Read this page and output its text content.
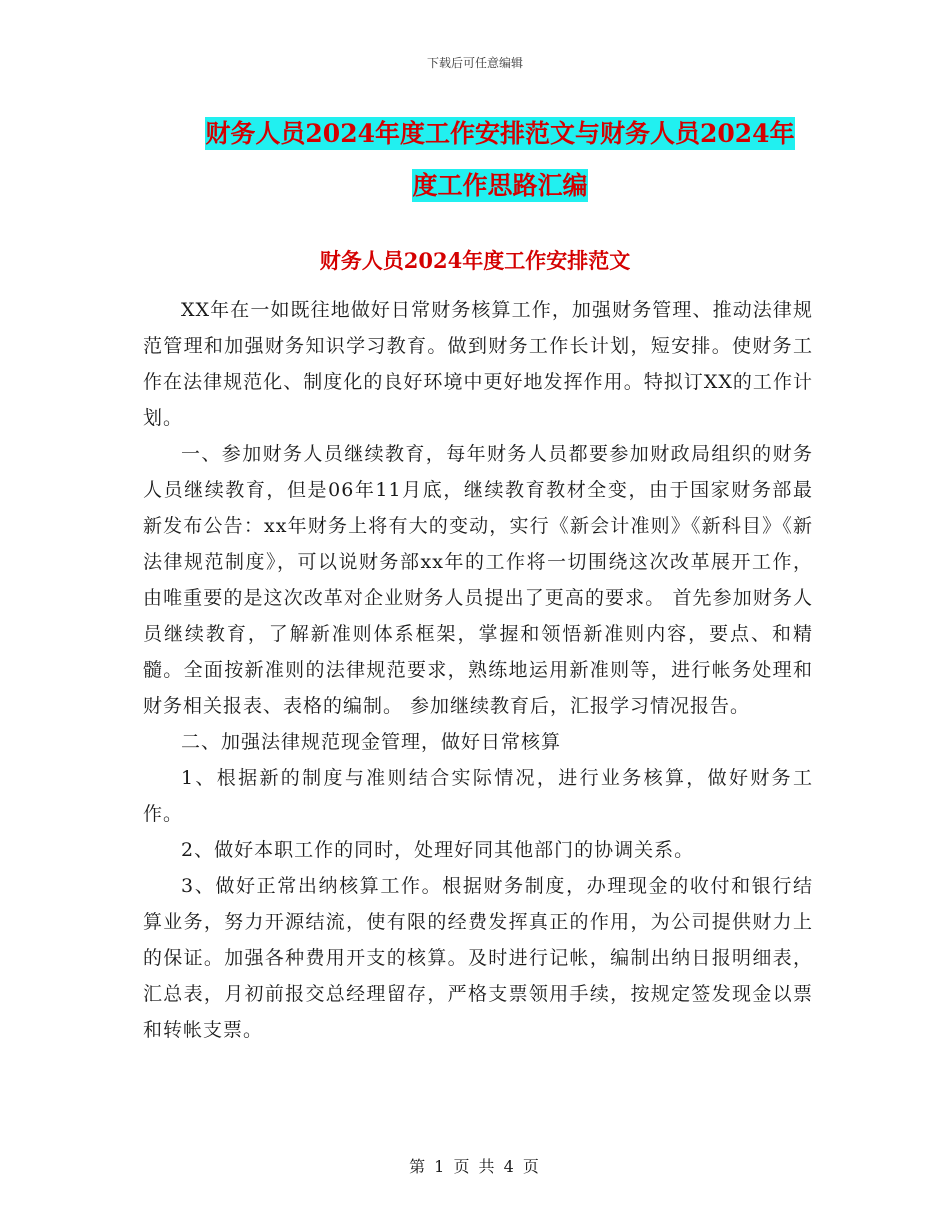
下载后可任意编辑
财务人员2024年度工作安排范文与财务人员2024年
度工作思路汇编
财务人员2024年度工作安排范文

XX年在一如既往地做好日常财务核算工作，加强财务管理、推动法律规范管理和加强财务知识学习教育。做到财务工作长计划，短安排。使财务工作在法律规范化、制度化的良好环境中更好地发挥作用。特拟订XX的工作计划。

一、参加财务人员继续教育，每年财务人员都要参加财政局组织的财务人员继续教育，但是06年11月底，继续教育教材全变，由于国家财务部最新发布公告：xx年财务上将有大的变动，实行《新会计准则》《新科目》《新法律规范制度》，可以说财务部xx年的工作将一切围绕这次改革展开工作，由唯重要的是这次改革对企业财务人员提出了更高的要求。 首先参加财务人员继续教育，了解新准则体系框架，掌握和领悟新准则内容，要点、和精髓。全面按新准则的法律规范要求，熟练地运用新准则等，进行帐务处理和财务相关报表、表格的编制。 参加继续教育后，汇报学习情况报告。

二、加强法律规范现金管理，做好日常核算

1、根据新的制度与准则结合实际情况，进行业务核算，做好财务工作。

2、做好本职工作的同时，处理好同其他部门的协调关系。

3、做好正常出纳核算工作。根据财务制度，办理现金的收付和银行结算业务，努力开源结流，使有限的经费发挥真正的作用，为公司提供财力上的保证。加强各种费用开支的核算。及时进行记帐，编制出纳日报明细表，汇总表，月初前报交总经理留存，严格支票领用手续，按规定签发现金以票和转帐支票。

第 1 页 共 4 页
